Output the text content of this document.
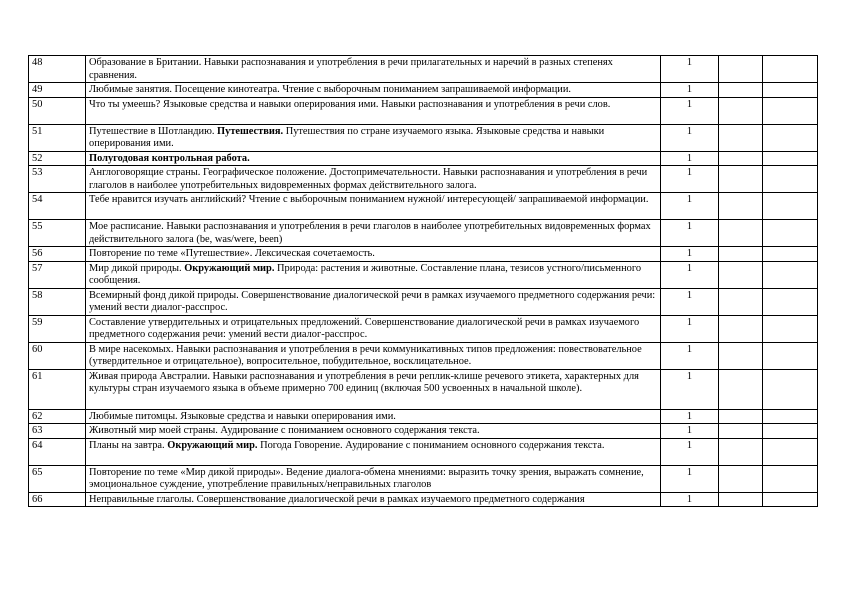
48	Образование в Британии. Навыки распознавания и употребления в речи прилагательных и наречий в разных степенях сравнения.	1			
49	Любимые занятия. Посещение кинотеатра. Чтение с выборочным пониманием запрашиваемой информации.	1			
50	Что ты умеешь? Языковые средства и навыки оперирования ими. Навыки распознавания и употребления в речи слов.	1			
51	Путешествие в Шотландию. Путешествия. Путешествия по стране изучаемого языка. Языковые средства и навыки оперирования ими.	1			
52	Полугодовая контрольная работа.	1			
53	Англоговорящие страны. Географическое положение. Достопримечательности. Навыки распознавания и употребления в речи глаголов в наиболее употребительных видовременных формах действительного залога.	1			
54	Тебе нравится изучать английский? Чтение с выборочным пониманием нужной/ интересующей/ запрашиваемой информации.	1			
55	Мое расписание. Навыки распознавания и употребления в речи глаголов в наиболее употребительных видовременных формах действительного залога (be, was/were, been)	1			
56	Повторение по теме «Путешествие». Лексическая сочетаемость.	1			
57	Мир дикой природы. Окружающий мир. Природа: растения и животные. Составление плана, тезисов устного/письменного сообщения.	1			
58	Всемирный фонд дикой природы. Совершенствование диалогической речи в рамках изучаемого предметного содержания речи: умений вести диалог-расспрос.	1			
59	Составление утвердительных и отрицательных предложений. Совершенствование диалогической речи в рамках изучаемого предметного содержания речи: умений вести диалог-расспрос.	1			
60	В мире насекомых. Навыки распознавания и употребления в речи коммуникативных типов предложения: повествовательное (утвердительное и отрицательное), вопросительное, побудительное, восклицательное.	1			
61	Живая природа Австралии. Навыки распознавания и употребления в речи реплик-клише речевого этикета, характерных для культуры стран изучаемого языка в объеме примерно 700 единиц (включая 500 усвоенных в начальной школе).	1			
62	Любимые питомцы. Языковые средства и навыки оперирования ими.	1			
63	Животный мир моей страны. Аудирование с пониманием основного содержания текста.	1			
64	Планы на завтра. Окружающий мир. Погода Говорение. Аудирование с пониманием основного содержания текста.	1			
65	Повторение по теме «Мир дикой природы». Ведение диалога-обмена мнениями: выразить точку зрения, выражать сомнение, эмоциональное суждение, употребление правильных/неправильных глаголов	1			
66	Неправильные глаголы. Совершенствование диалогической речи в рамках изучаемого предметного содержания	1			
